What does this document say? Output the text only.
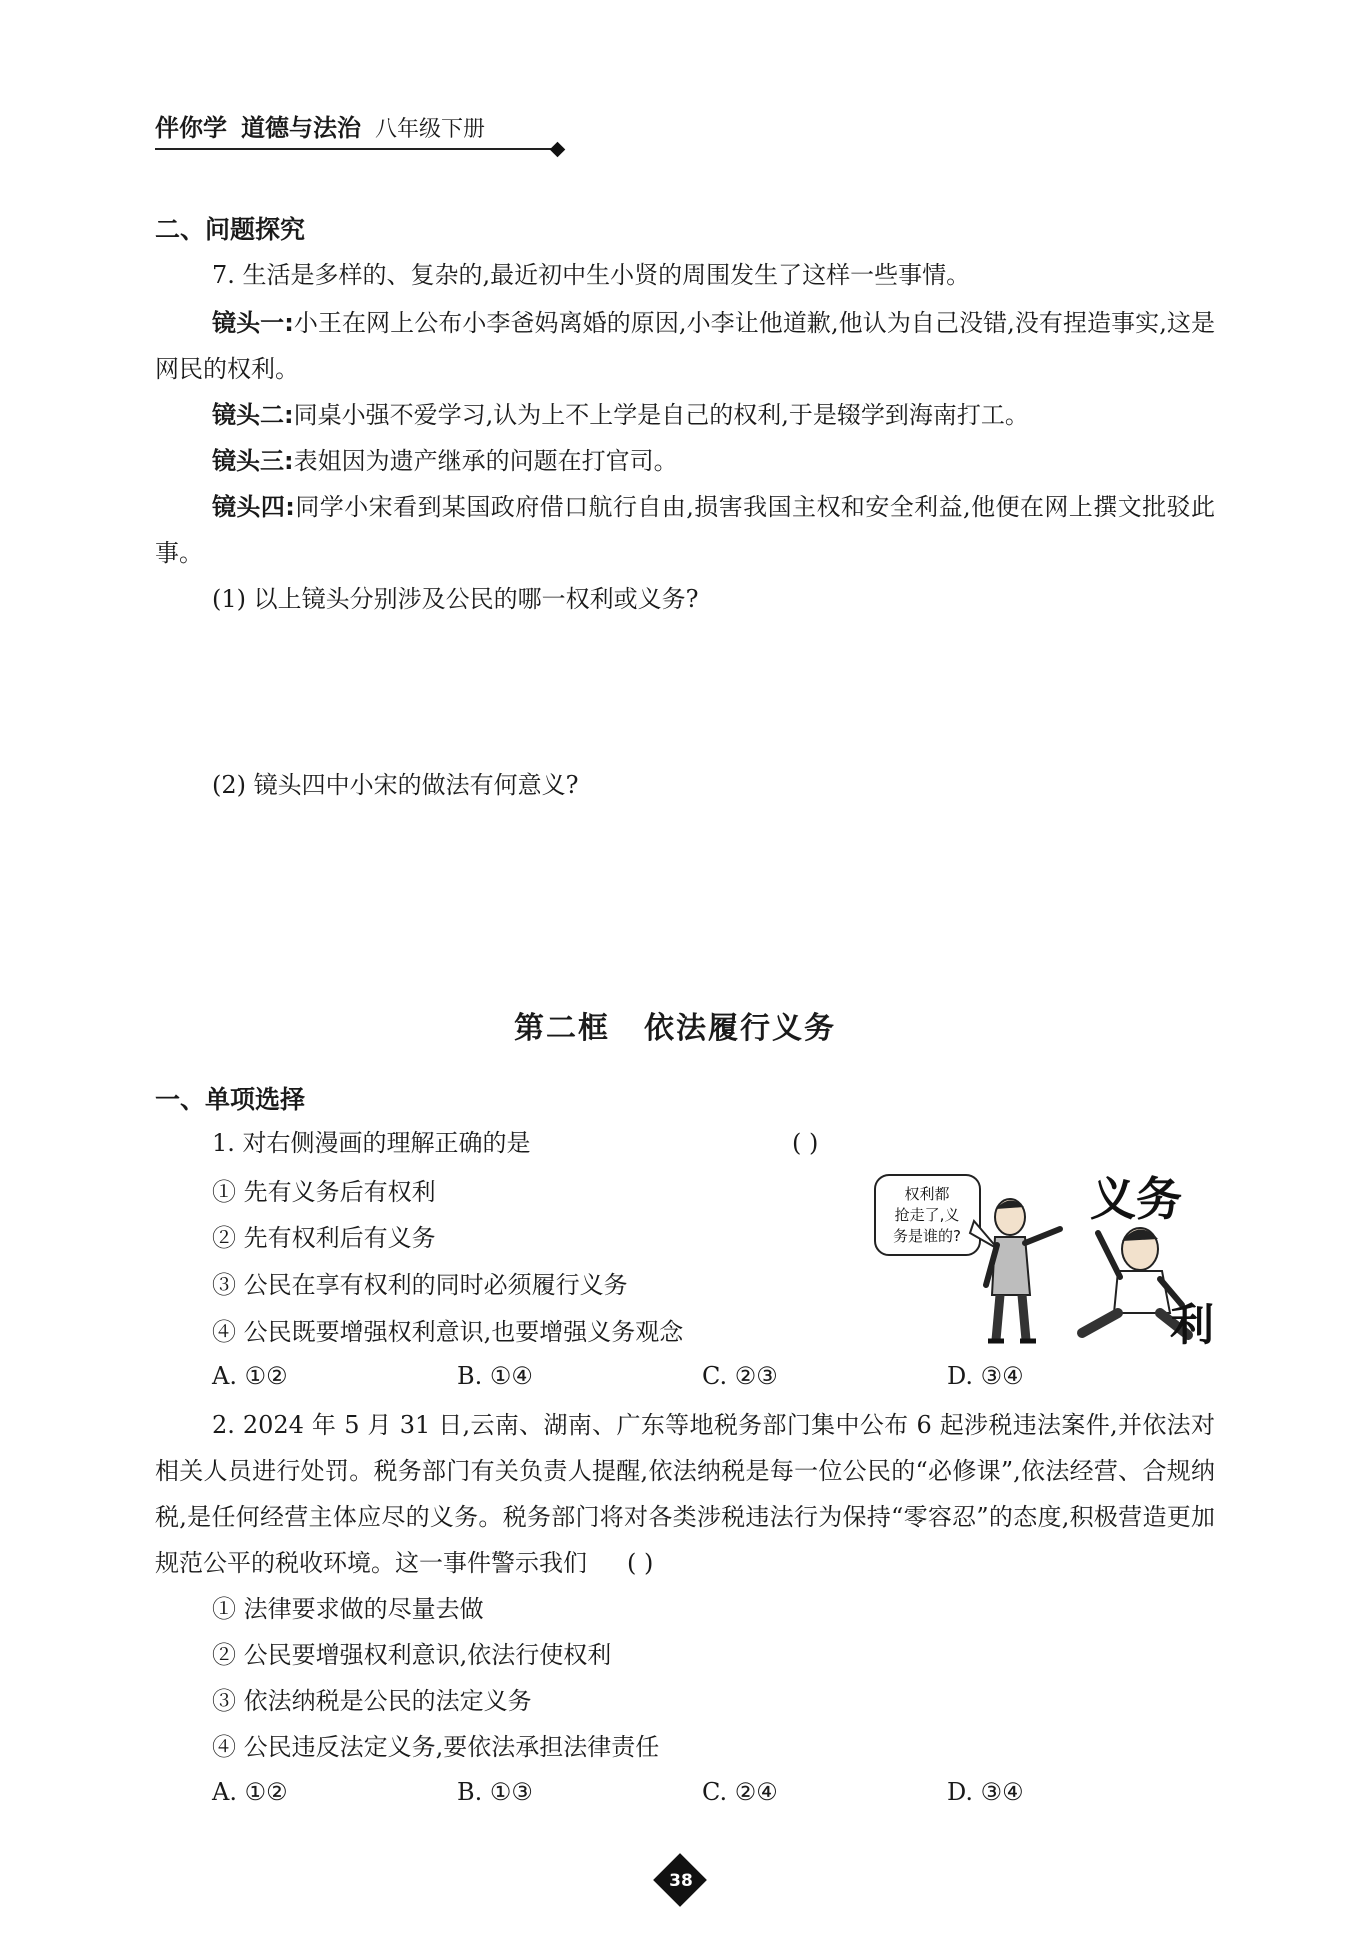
伴你学 道德与法治 八年级下册
二、问题探究
7. 生活是多样的、复杂的,最近初中生小贤的周围发生了这样一些事情。
镜头一:小王在网上公布小李爸妈离婚的原因,小李让他道歉,他认为自己没错,没有捏造事实,这是网民的权利。
镜头二:同桌小强不爱学习,认为上不上学是自己的权利,于是辍学到海南打工。
镜头三:表姐因为遗产继承的问题在打官司。
镜头四:同学小宋看到某国政府借口航行自由,损害我国主权和安全利益,他便在网上撰文批驳此事。
(1) 以上镜头分别涉及公民的哪一权利或义务?
(2) 镜头四中小宋的做法有何意义?
第二框 依法履行义务
一、单项选择
1. 对右侧漫画的理解正确的是	( )
① 先有义务后有权利
② 先有权利后有义务
③ 公民在享有权利的同时必须履行义务
④ 公民既要增强权利意识,也要增强义务观念
A. ①②	B. ①④	C. ②③	D. ③④
权利都
抢走了,义
务是谁的?
义务
利
2. 2024 年 5 月 31 日,云南、湖南、广东等地税务部门集中公布 6 起涉税违法案件,并依法对相关人员进行处罚。税务部门有关负责人提醒,依法纳税是每一位公民的“必修课”,依法经营、合规纳税,是任何经营主体应尽的义务。税务部门将对各类涉税违法行为保持“零容忍”的态度,积极营造更加规范公平的税收环境。这一事件警示我们 ( )
① 法律要求做的尽量去做
② 公民要增强权利意识,依法行使权利
③ 依法纳税是公民的法定义务
④ 公民违反法定义务,要依法承担法律责任
A. ①②	B. ①③	C. ②④	D. ③④
38
